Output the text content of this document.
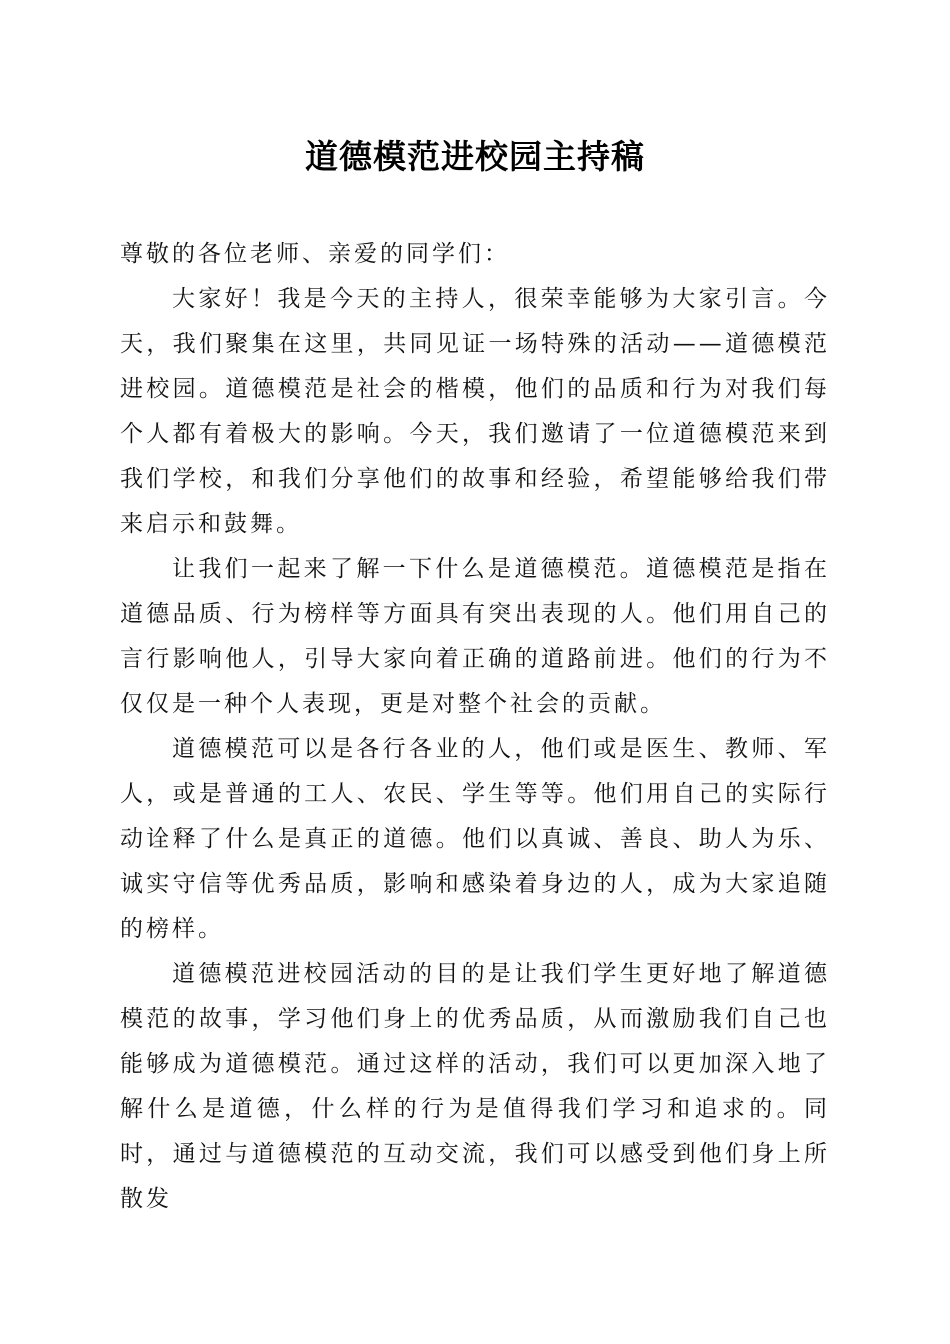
道德模范进校园主持稿

尊敬的各位老师、亲爱的同学们：

大家好！我是今天的主持人，很荣幸能够为大家引言。今天，我们聚集在这里，共同见证一场特殊的活动——道德模范进校园。道德模范是社会的楷模，他们的品质和行为对我们每个人都有着极大的影响。今天，我们邀请了一位道德模范来到我们学校，和我们分享他们的故事和经验，希望能够给我们带来启示和鼓舞。

让我们一起来了解一下什么是道德模范。道德模范是指在道德品质、行为榜样等方面具有突出表现的人。他们用自己的言行影响他人，引导大家向着正确的道路前进。他们的行为不仅仅是一种个人表现，更是对整个社会的贡献。

道德模范可以是各行各业的人，他们或是医生、教师、军人，或是普通的工人、农民、学生等等。他们用自己的实际行动诠释了什么是真正的道德。他们以真诚、善良、助人为乐、诚实守信等优秀品质，影响和感染着身边的人，成为大家追随的榜样。

道德模范进校园活动的目的是让我们学生更好地了解道德模范的故事，学习他们身上的优秀品质，从而激励我们自己也能够成为道德模范。通过这样的活动，我们可以更加深入地了解什么是道德，什么样的行为是值得我们学习和追求的。同时，通过与道德模范的互动交流，我们可以感受到他们身上所散发
